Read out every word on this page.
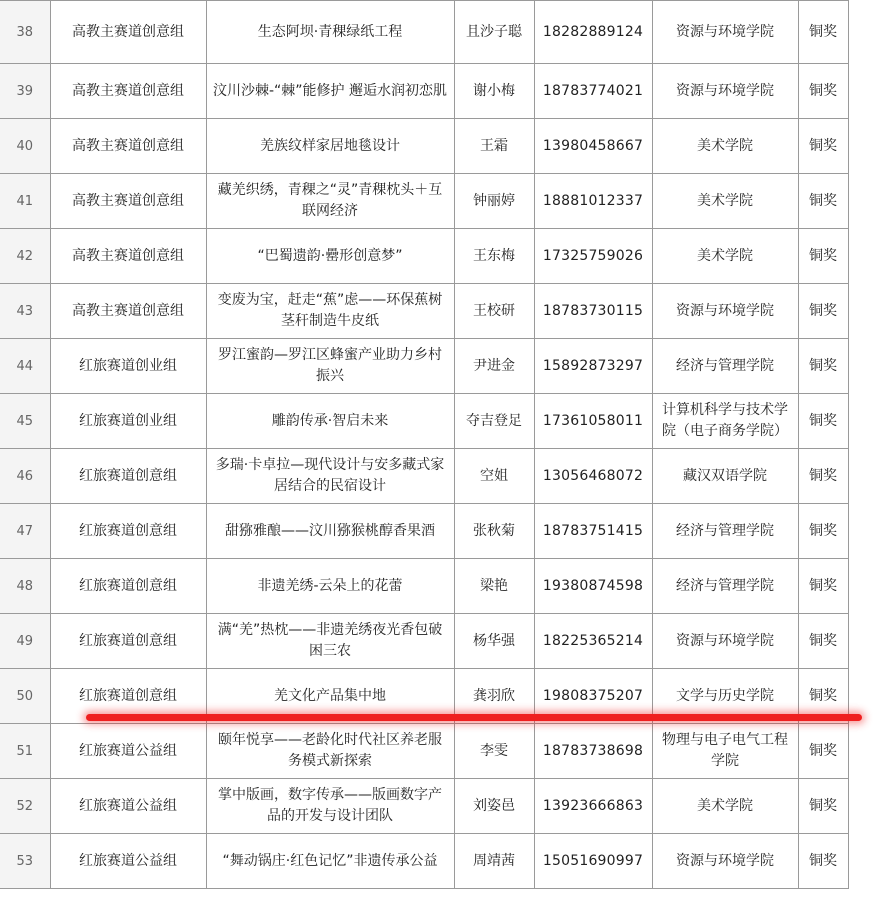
38	高教主赛道创意组	生态阿坝·青稞绿纸工程	且沙子聪	18282889124	资源与环境学院	铜奖
39	高教主赛道创意组	汶川沙棘-“棘”能修护 邂逅水润初恋肌	谢小梅	18783774021	资源与环境学院	铜奖
40	高教主赛道创意组	羌族纹样家居地毯设计	王霜	13980458667	美术学院	铜奖
41	高教主赛道创意组	藏羌织绣，青稞之“灵”青稞枕头＋互联网经济	钟丽婷	18881012337	美术学院	铜奖
42	高教主赛道创意组	“巴蜀遗韵·罍形创意梦”	王东梅	17325759026	美术学院	铜奖
43	高教主赛道创意组	变废为宝，赶走“蕉”虑——环保蕉树茎秆制造牛皮纸	王校研	18783730115	资源与环境学院	铜奖
44	红旅赛道创业组	罗江蜜韵—罗江区蜂蜜产业助力乡村振兴	尹进金	15892873297	经济与管理学院	铜奖
45	红旅赛道创业组	雕韵传承·智启未来	夺吉登足	17361058011	计算机科学与技术学院（电子商务学院）	铜奖
46	红旅赛道创意组	多瑞·卡卓拉—现代设计与安多藏式家居结合的民宿设计	空姐	13056468072	藏汉双语学院	铜奖
47	红旅赛道创意组	甜猕雅酿——汶川猕猴桃醇香果酒	张秋菊	18783751415	经济与管理学院	铜奖
48	红旅赛道创意组	非遗羌绣-云朵上的花蕾	梁艳	19380874598	经济与管理学院	铜奖
49	红旅赛道创意组	满“羌”热枕——非遗羌绣夜光香包破困三农	杨华强	18225365214	资源与环境学院	铜奖
50	红旅赛道创意组	羌文化产品集中地	龚羽欣	19808375207	文学与历史学院	铜奖
51	红旅赛道公益组	颐年悦享——老龄化时代社区养老服务模式新探索	李雯	18783738698	物理与电子电气工程学院	铜奖
52	红旅赛道公益组	掌中版画，数字传承——版画数字产品的开发与设计团队	刘姿邑	13923666863	美术学院	铜奖
53	红旅赛道公益组	“舞动锅庄·红色记忆”非遗传承公益	周靖茜	15051690997	资源与环境学院	铜奖
